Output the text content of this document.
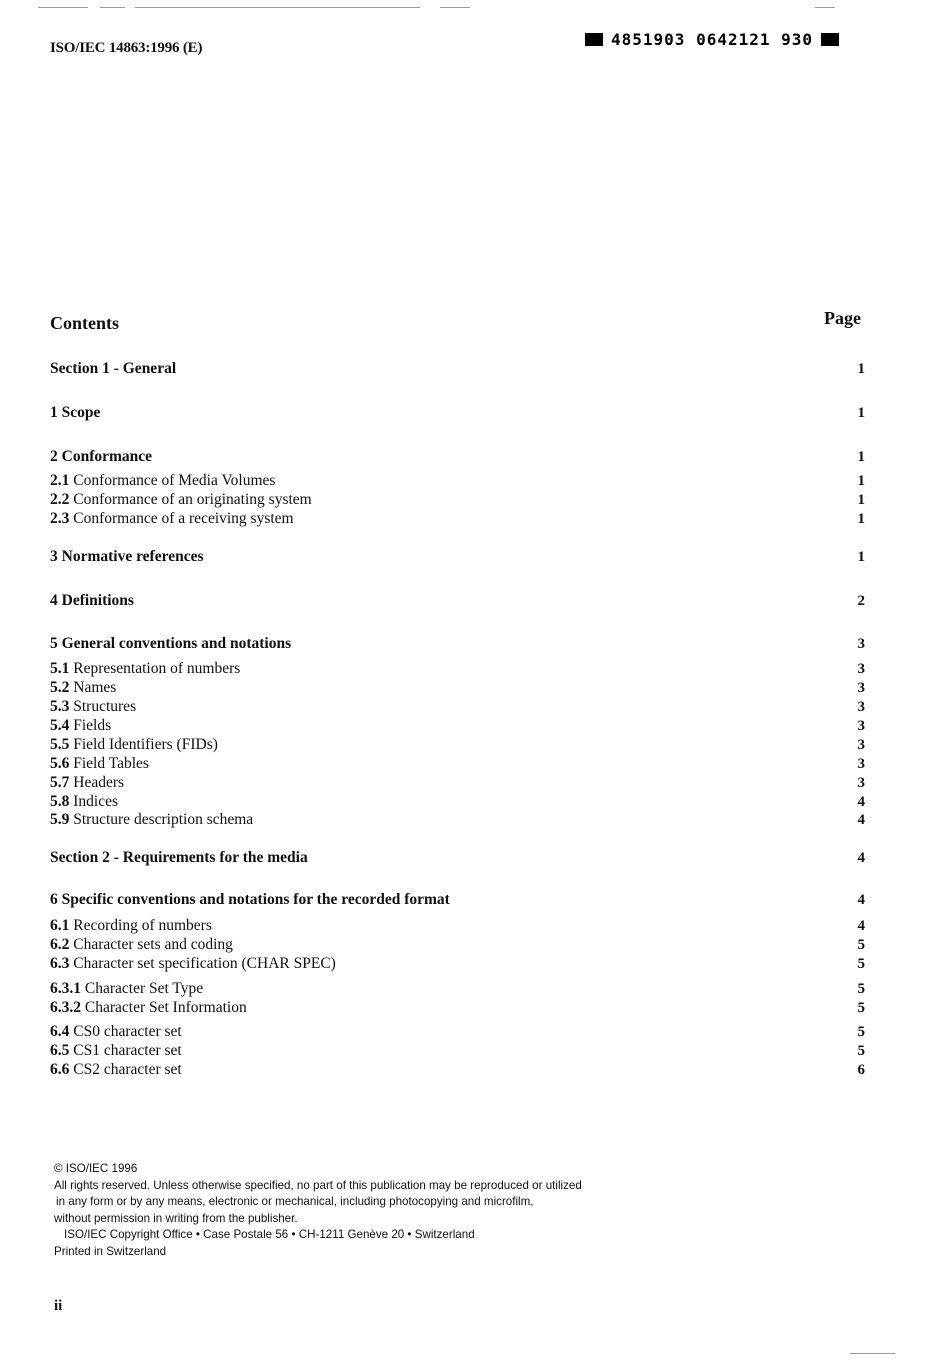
ISO/IEC 14863:1996 (E)	4851903 0642121 930
Contents	Page
Section 1 - General	1
1 Scope	1
2 Conformance	1
2.1 Conformance of Media Volumes	1
2.2 Conformance of an originating system	1
2.3 Conformance of a receiving system	1
3 Normative references	1
4 Definitions	2
5 General conventions and notations	3
5.1 Representation of numbers	3
5.2 Names	3
5.3 Structures	3
5.4 Fields	3
5.5 Field Identifiers (FIDs)	3
5.6 Field Tables	3
5.7 Headers	3
5.8 Indices	4
5.9 Structure description schema	4
Section 2 - Requirements for the media	4
6 Specific conventions and notations for the recorded format	4
6.1 Recording of numbers	4
6.2 Character sets and coding	5
6.3 Character set specification (CHAR SPEC)	5
6.3.1 Character Set Type	5
6.3.2 Character Set Information	5
6.4 CS0 character set	5
6.5 CS1 character set	5
6.6 CS2 character set	6
© ISO/IEC 1996
All rights reserved. Unless otherwise specified, no part of this publication may be reproduced or utilized
in any form or by any means, electronic or mechanical, including photocopying and microfilm,
without permission in writing from the publisher.
ISO/IEC Copyright Office • Case Postale 56 • CH-1211 Genève 20 • Switzerland
Printed in Switzerland
ii
